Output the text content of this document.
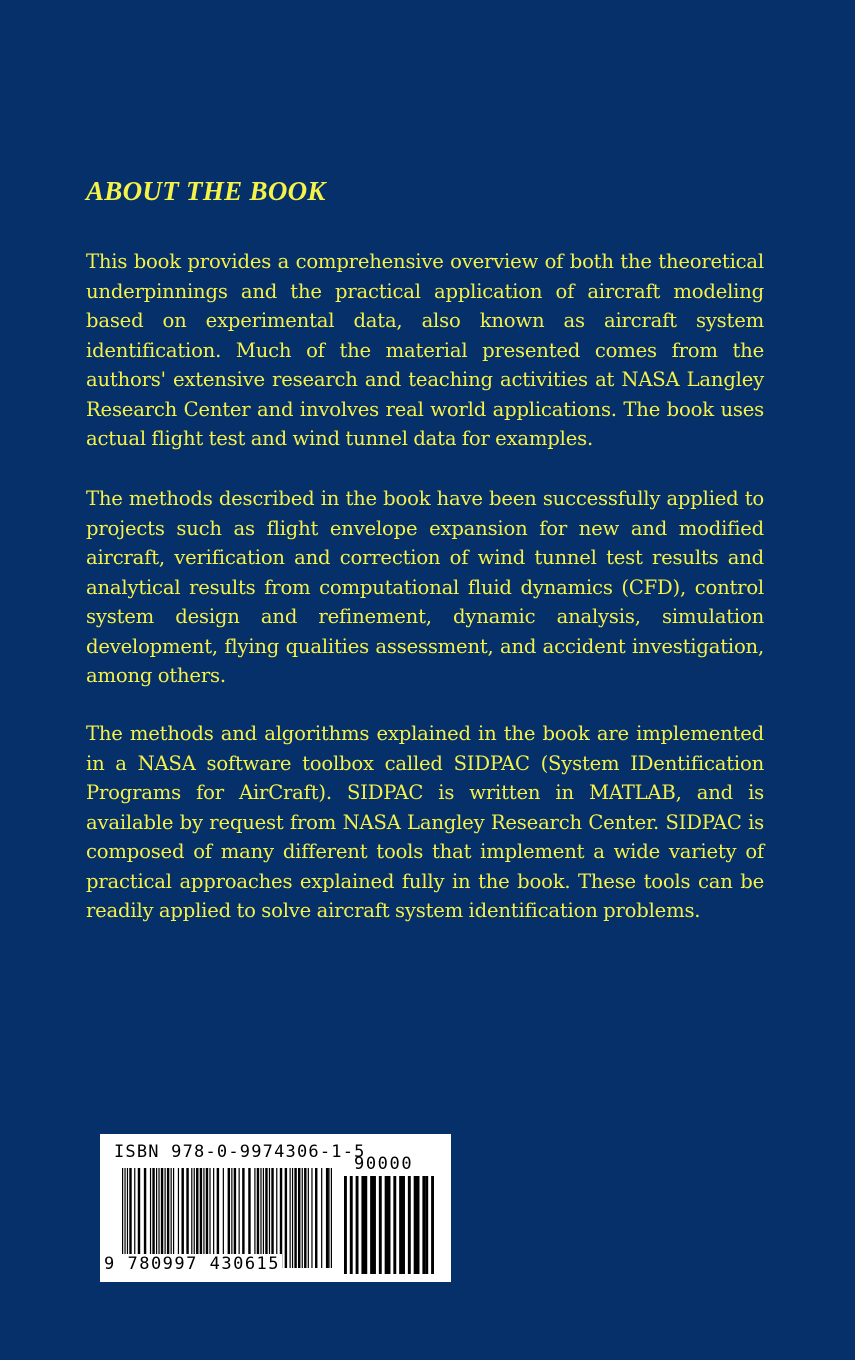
ABOUT THE BOOK

This book provides a comprehensive overview of both the theoretical underpinnings and the practical application of aircraft modeling based on experimental data, also known as aircraft system identification. Much of the material presented comes from the authors' extensive research and teaching activities at NASA Langley Research Center and involves real world applications. The book uses actual flight test and wind tunnel data for examples.

The methods described in the book have been successfully applied to projects such as flight envelope expansion for new and modified aircraft, verification and correction of wind tunnel test results and analytical results from computational fluid dynamics (CFD), control system design and refinement, dynamic analysis, simulation development, flying qualities assessment, and accident investigation, among others.

The methods and algorithms explained in the book are implemented in a NASA software toolbox called SIDPAC (System IDentification Programs for AirCraft). SIDPAC is written in MATLAB, and is available by request from NASA Langley Research Center. SIDPAC is composed of many different tools that implement a wide variety of practical approaches explained fully in the book. These tools can be readily applied to solve aircraft system identification problems.

ISBN 978-0-9974306-1-5
90000
9 780997 430615
